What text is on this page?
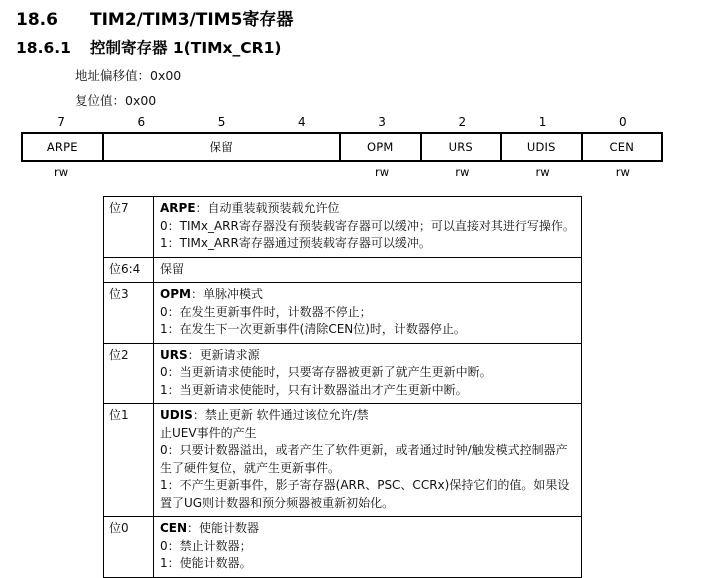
18.6 TIM2/TIM3/TIM5寄存器
18.6.1 控制寄存器 1(TIMx_CR1)
地址偏移值：0x00
复位值：0x00
7	6	5	4	3	2	1	0
ARPE	保留	OPM	URS	UDIS	CEN
rw	rw	rw	rw	rw
位7	ARPE：自动重装载预装载允许位
0：TIMx_ARR寄存器没有预装载寄存器可以缓冲；可以直接对其进行写操作。
1：TIMx_ARR寄存器通过预装载寄存器可以缓冲。

位6:4	保留

位3	OPM：单脉冲模式
0：在发生更新事件时，计数器不停止；
1：在发生下一次更新事件(清除CEN位)时，计数器停止。

位2	URS：更新请求源
0：当更新请求使能时，只要寄存器被更新了就产生更新中断。
1：当更新请求使能时，只有计数器溢出才产生更新中断。

位1	UDIS：禁止更新 软件通过该位允许/禁
止UEV事件的产生
0：只要计数器溢出，或者产生了软件更新，或者通过时钟/触发模式控制器产生了硬件复位，就产生更新事件。
1：不产生更新事件，影子寄存器(ARR、PSC、CCRx)保持它们的值。如果设置了UG则计数器和预分频器被重新初始化。

位0	CEN：使能计数器
0：禁止计数器；
1：使能计数器。
